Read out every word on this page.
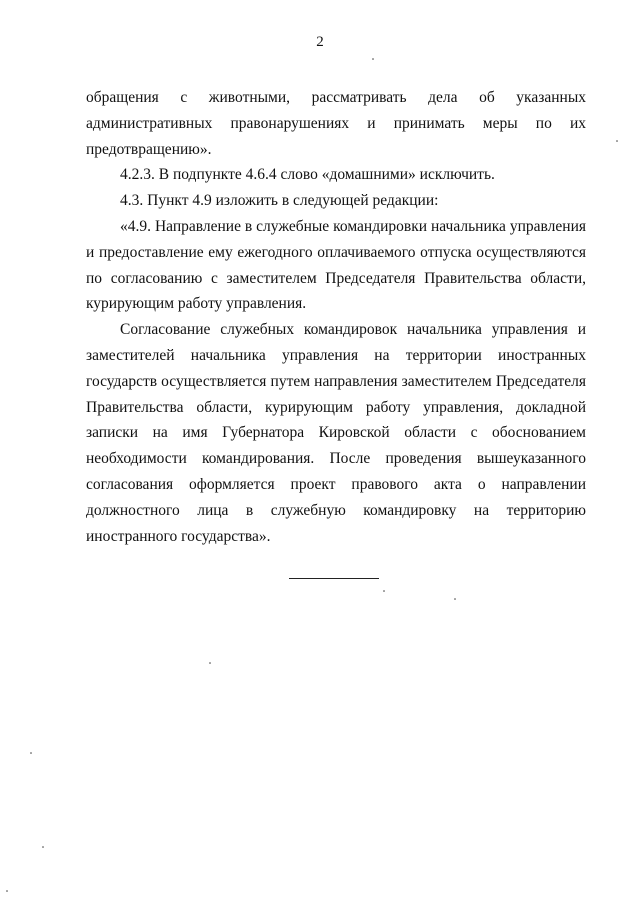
2

обращения с животными, рассматривать дела об указанных административных правонарушениях и принимать меры по их предотвращению».

4.2.3. В подпункте 4.6.4 слово «домашними» исключить.

4.3. Пункт 4.9 изложить в следующей редакции:

«4.9. Направление в служебные командировки начальника управления и предоставление ему ежегодного оплачиваемого отпуска осуществляются по согласованию с заместителем Председателя Правительства области, курирующим работу управления.

Согласование служебных командировок начальника управления и заместителей начальника управления на территории иностранных государств осуществляется путем направления заместителем Председателя Правительства области, курирующим работу управления, докладной записки на имя Губернатора Кировской области с обоснованием необходимости командирования. После проведения вышеуказанного согласования оформляется проект правового акта о направлении должностного лица в служебную командировку на территорию иностранного государства».
